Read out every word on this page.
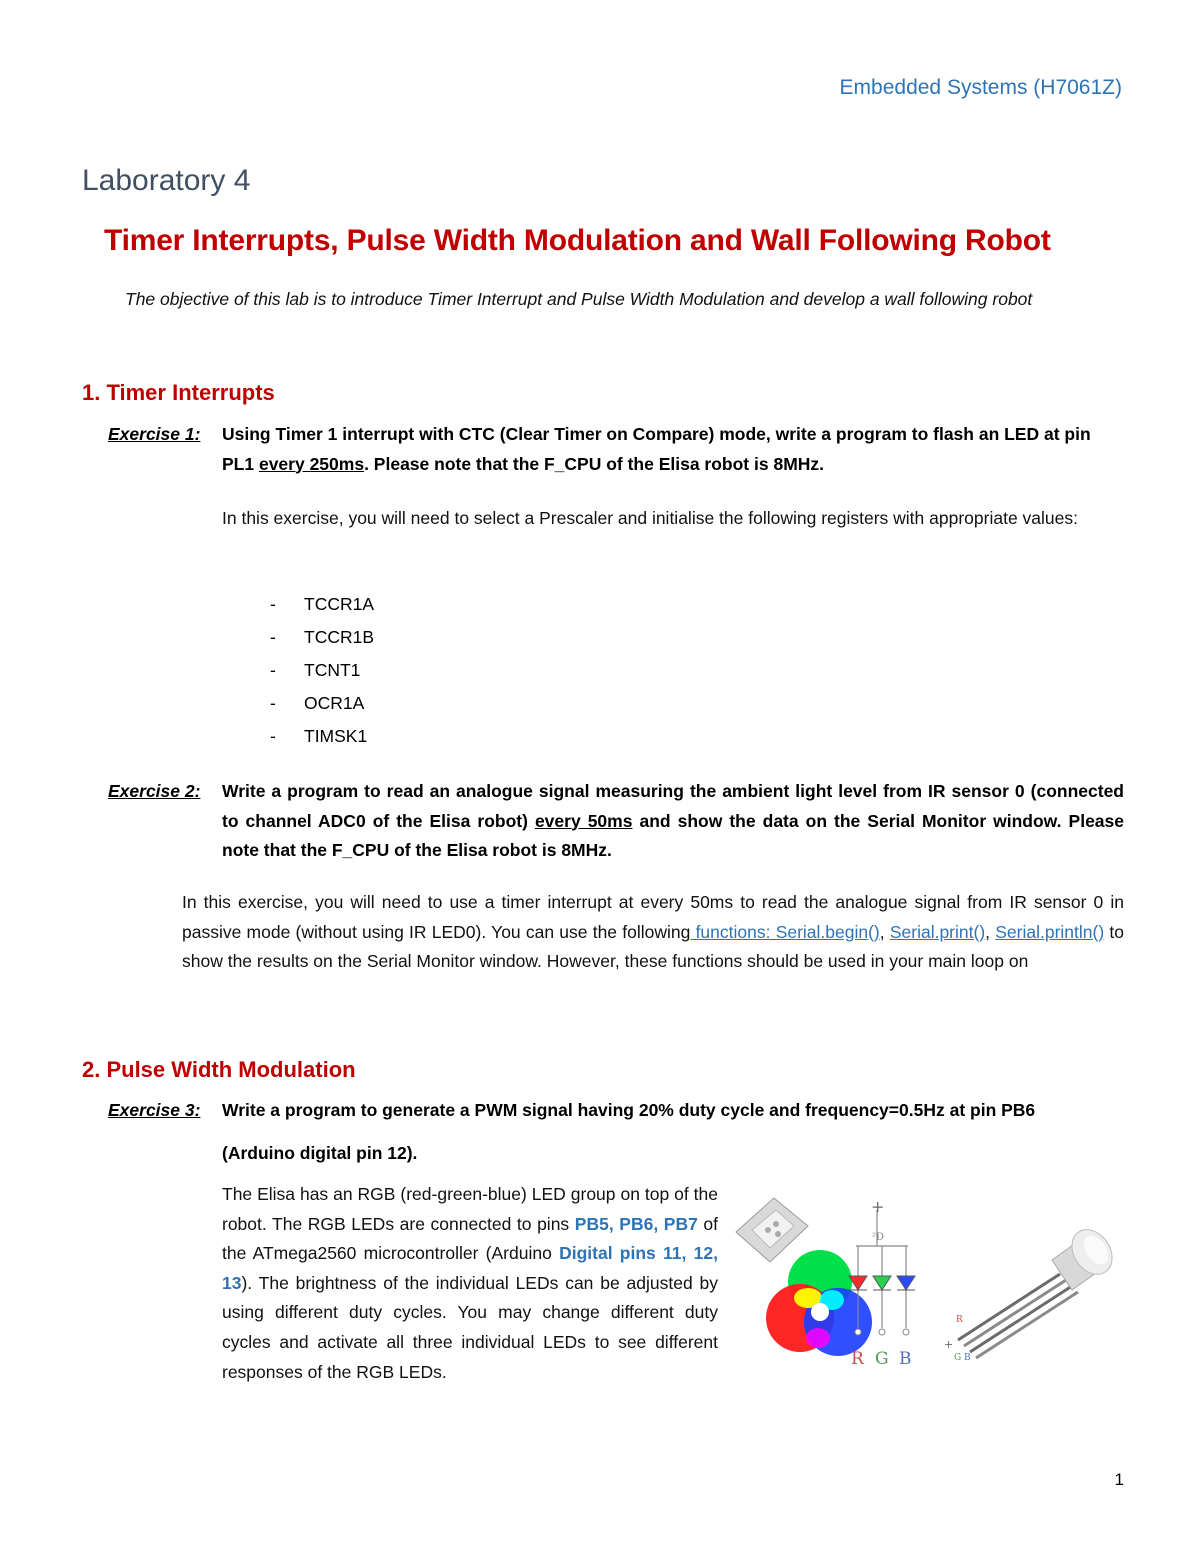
Embedded Systems (H7061Z)
Laboratory 4
Timer Interrupts, Pulse Width Modulation and Wall Following Robot
The objective of this lab is to introduce Timer Interrupt and Pulse Width Modulation and develop a wall following robot
1. Timer Interrupts
Exercise 1: Using Timer 1 interrupt with CTC (Clear Timer on Compare) mode, write a program to flash an LED at pin PL1 every 250ms. Please note that the F_CPU of the Elisa robot is 8MHz.
In this exercise, you will need to select a Prescaler and initialise the following registers with appropriate values:
- TCCR1A
- TCCR1B
- TCNT1
- OCR1A
- TIMSK1
Exercise 2: Write a program to read an analogue signal measuring the ambient light level from IR sensor 0 (connected to channel ADC0 of the Elisa robot) every 50ms and show the data on the Serial Monitor window. Please note that the F_CPU of the Elisa robot is 8MHz.
In this exercise, you will need to use a timer interrupt at every 50ms to read the analogue signal from IR sensor 0 in passive mode (without using IR LED0). You can use the following functions: Serial.begin(), Serial.print(), Serial.println() to show the results on the Serial Monitor window. However, these functions should be used in your main loop on
2. Pulse Width Modulation
Exercise 3: Write a program to generate a PWM signal having 20% duty cycle and frequency=0.5Hz at pin PB6
(Arduino digital pin 12).
The Elisa has an RGB (red-green-blue) LED group on top of the robot. The RGB LEDs are connected to pins PB5, PB6, PB7 of the ATmega2560 microcontroller (Arduino Digital pins 11, 12, 13). The brightness of the individual LEDs can be adjusted by using different duty cycles. You may change different duty cycles and activate all three individual LEDs to see different responses of the RGB LEDs.
+
²D
R G B
R
+
G B
1
